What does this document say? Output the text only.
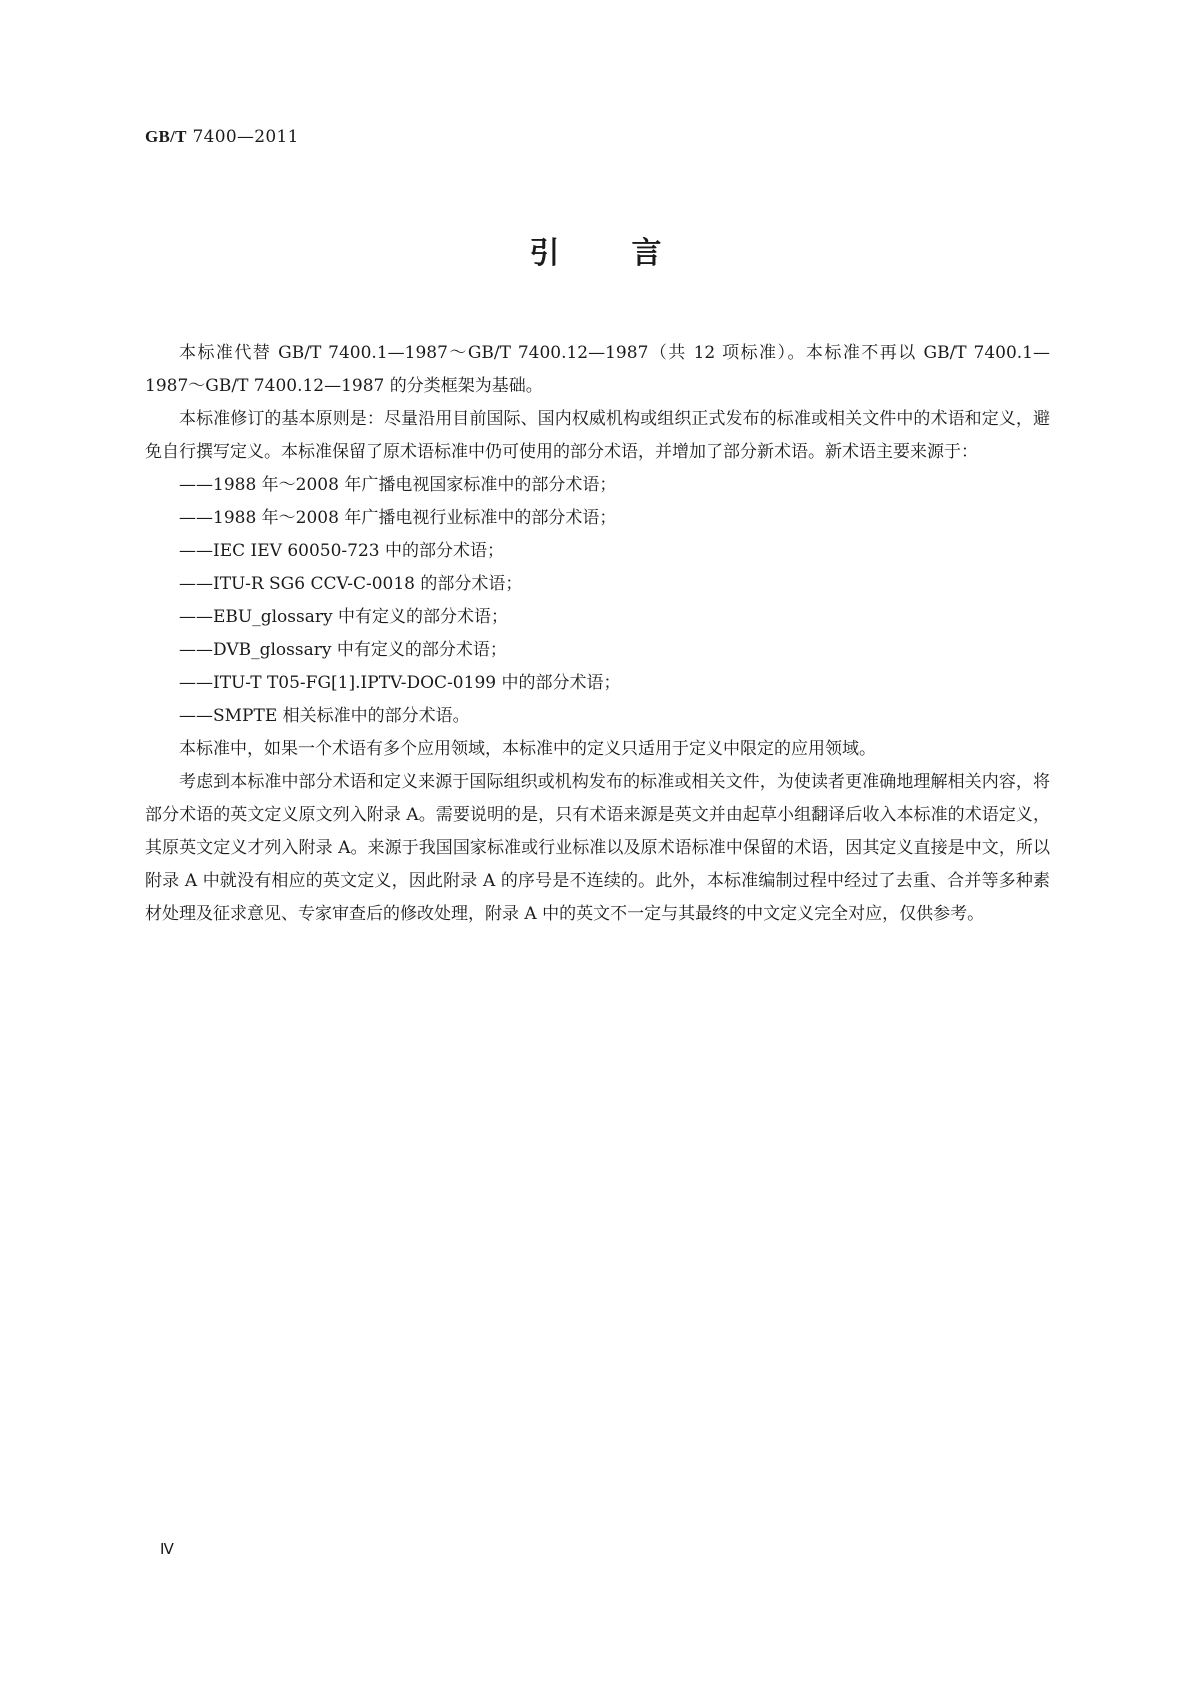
GB/T 7400—2011
引言

本标准代替 GB/T 7400.1—1987～GB/T 7400.12—1987（共 12 项标准）。本标准不再以 GB/T 7400.1—1987～GB/T 7400.12—1987 的分类框架为基础。

本标准修订的基本原则是：尽量沿用目前国际、国内权威机构或组织正式发布的标准或相关文件中的术语和定义，避免自行撰写定义。本标准保留了原术语标准中仍可使用的部分术语，并增加了部分新术语。新术语主要来源于：

——1988 年～2008 年广播电视国家标准中的部分术语；

——1988 年～2008 年广播电视行业标准中的部分术语；

——IEC IEV 60050-723 中的部分术语；

——ITU-R SG6 CCV-C-0018 的部分术语；

——EBU_glossary 中有定义的部分术语；

——DVB_glossary 中有定义的部分术语；

——ITU-T T05-FG[1].IPTV-DOC-0199 中的部分术语；

——SMPTE 相关标准中的部分术语。

本标准中，如果一个术语有多个应用领域，本标准中的定义只适用于定义中限定的应用领域。

考虑到本标准中部分术语和定义来源于国际组织或机构发布的标准或相关文件，为使读者更准确地理解相关内容，将部分术语的英文定义原文列入附录 A。需要说明的是，只有术语来源是英文并由起草小组翻译后收入本标准的术语定义，其原英文定义才列入附录 A。来源于我国国家标准或行业标准以及原术语标准中保留的术语，因其定义直接是中文，所以附录 A 中就没有相应的英文定义，因此附录 A 的序号是不连续的。此外，本标准编制过程中经过了去重、合并等多种素材处理及征求意见、专家审查后的修改处理，附录 A 中的英文不一定与其最终的中文定义完全对应，仅供参考。

Ⅳ
